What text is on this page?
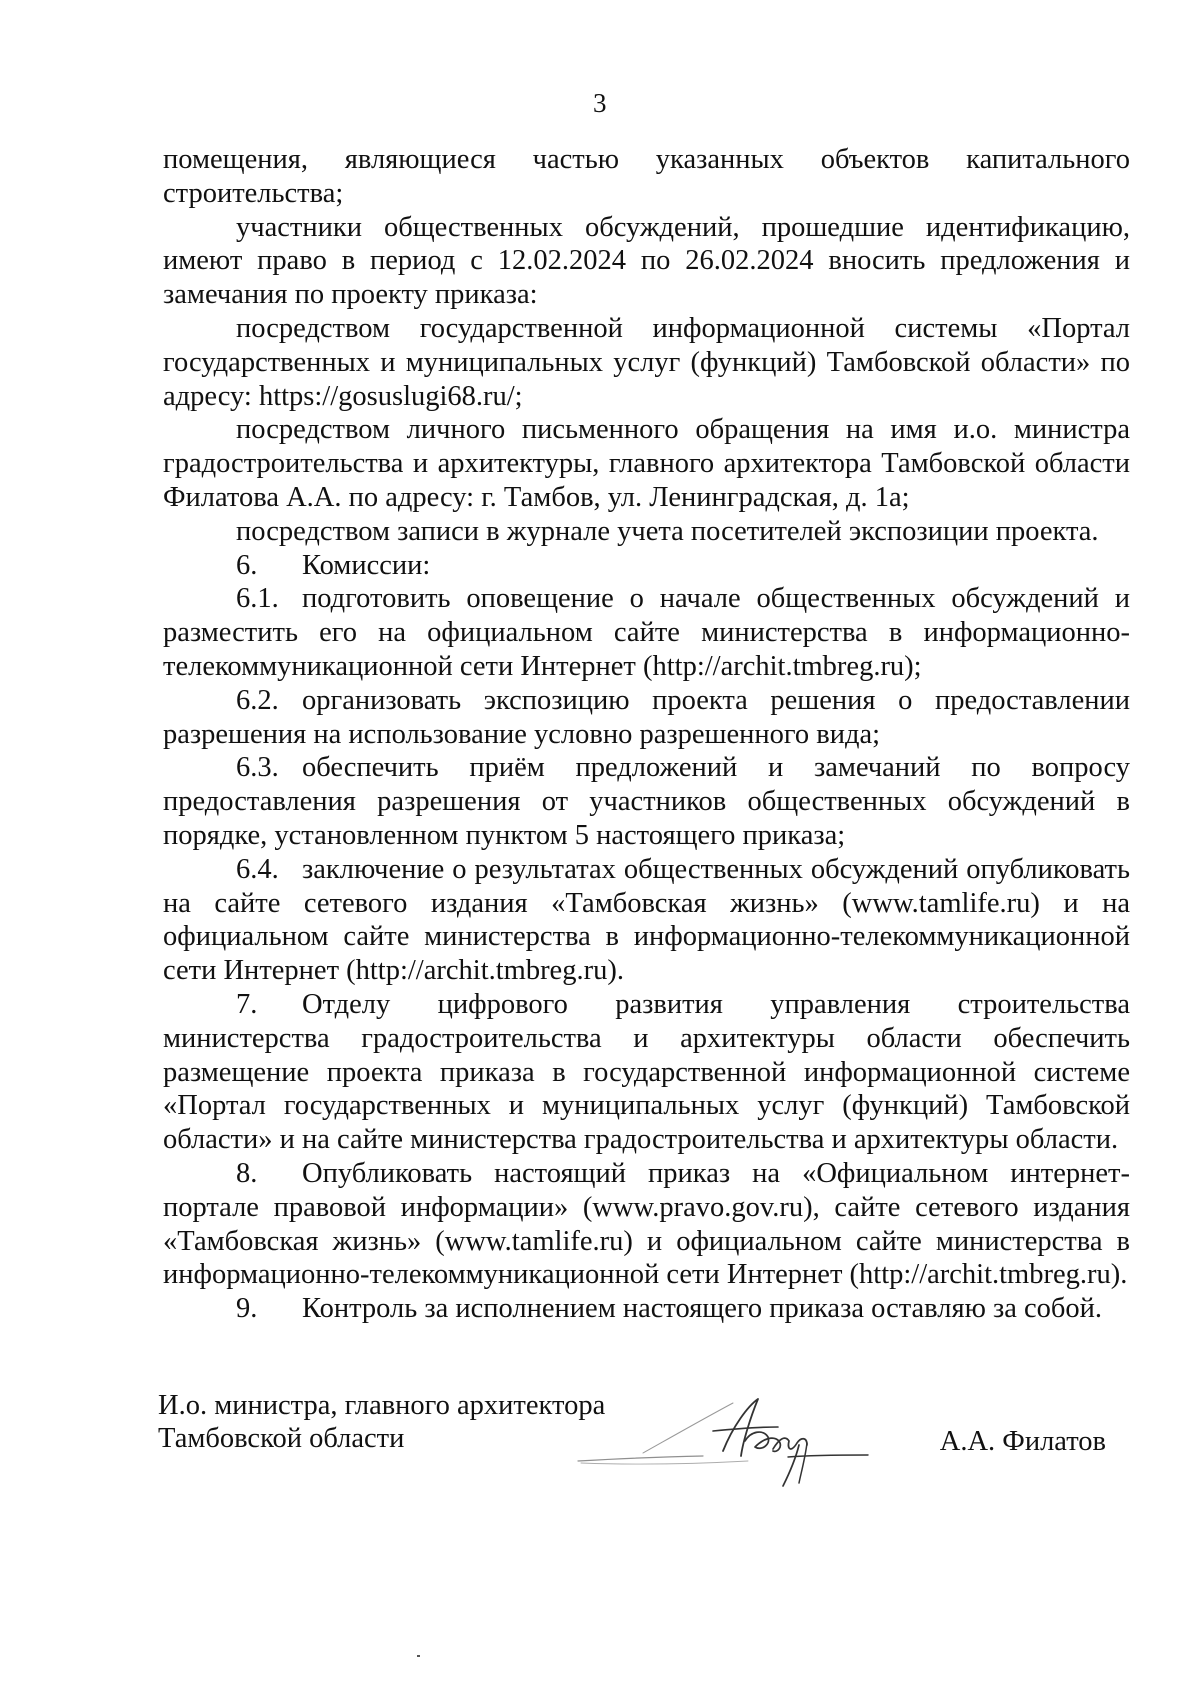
3

помещения, являющиеся частью указанных объектов капитального строительства;

участники общественных обсуждений, прошедшие идентификацию, имеют право в период с 12.02.2024 по 26.02.2024 вносить предложения и замечания по проекту приказа:

посредством государственной информационной системы «Портал государственных и муниципальных услуг (функций) Тамбовской области» по адресу: https://gosuslugi68.ru/;

посредством личного письменного обращения на имя и.о. министра градостроительства и архитектуры, главного архитектора Тамбовской области Филатова А.А. по адресу: г. Тамбов, ул. Ленинградская, д. 1а;

посредством записи в журнале учета посетителей экспозиции проекта.

6. Комиссии:

6.1. подготовить оповещение о начале общественных обсуждений и разместить его на официальном сайте министерства в информационно-телекоммуникационной сети Интернет (http://archit.tmbreg.ru);

6.2. организовать экспозицию проекта решения о предоставлении разрешения на использование условно разрешенного вида;

6.3. обеспечить приём предложений и замечаний по вопросу предоставления разрешения от участников общественных обсуждений в порядке, установленном пунктом 5 настоящего приказа;

6.4. заключение о результатах общественных обсуждений опубликовать на сайте сетевого издания «Тамбовская жизнь» (www.tamlife.ru) и на официальном сайте министерства в информационно-телекоммуникационной сети Интернет (http://archit.tmbreg.ru).

7. Отделу цифрового развития управления строительства министерства градостроительства и архитектуры области обеспечить размещение проекта приказа в государственной информационной системе «Портал государственных и муниципальных услуг (функций) Тамбовской области» и на сайте министерства градостроительства и архитектуры области.

8. Опубликовать настоящий приказ на «Официальном интернет-портале правовой информации» (www.pravo.gov.ru), сайте сетевого издания «Тамбовская жизнь» (www.tamlife.ru) и официальном сайте министерства в информационно-телекоммуникационной сети Интернет (http://archit.tmbreg.ru).

9. Контроль за исполнением настоящего приказа оставляю за собой.

И.о. министра, главного архитектора
Тамбовской области	А.А. Филатов
